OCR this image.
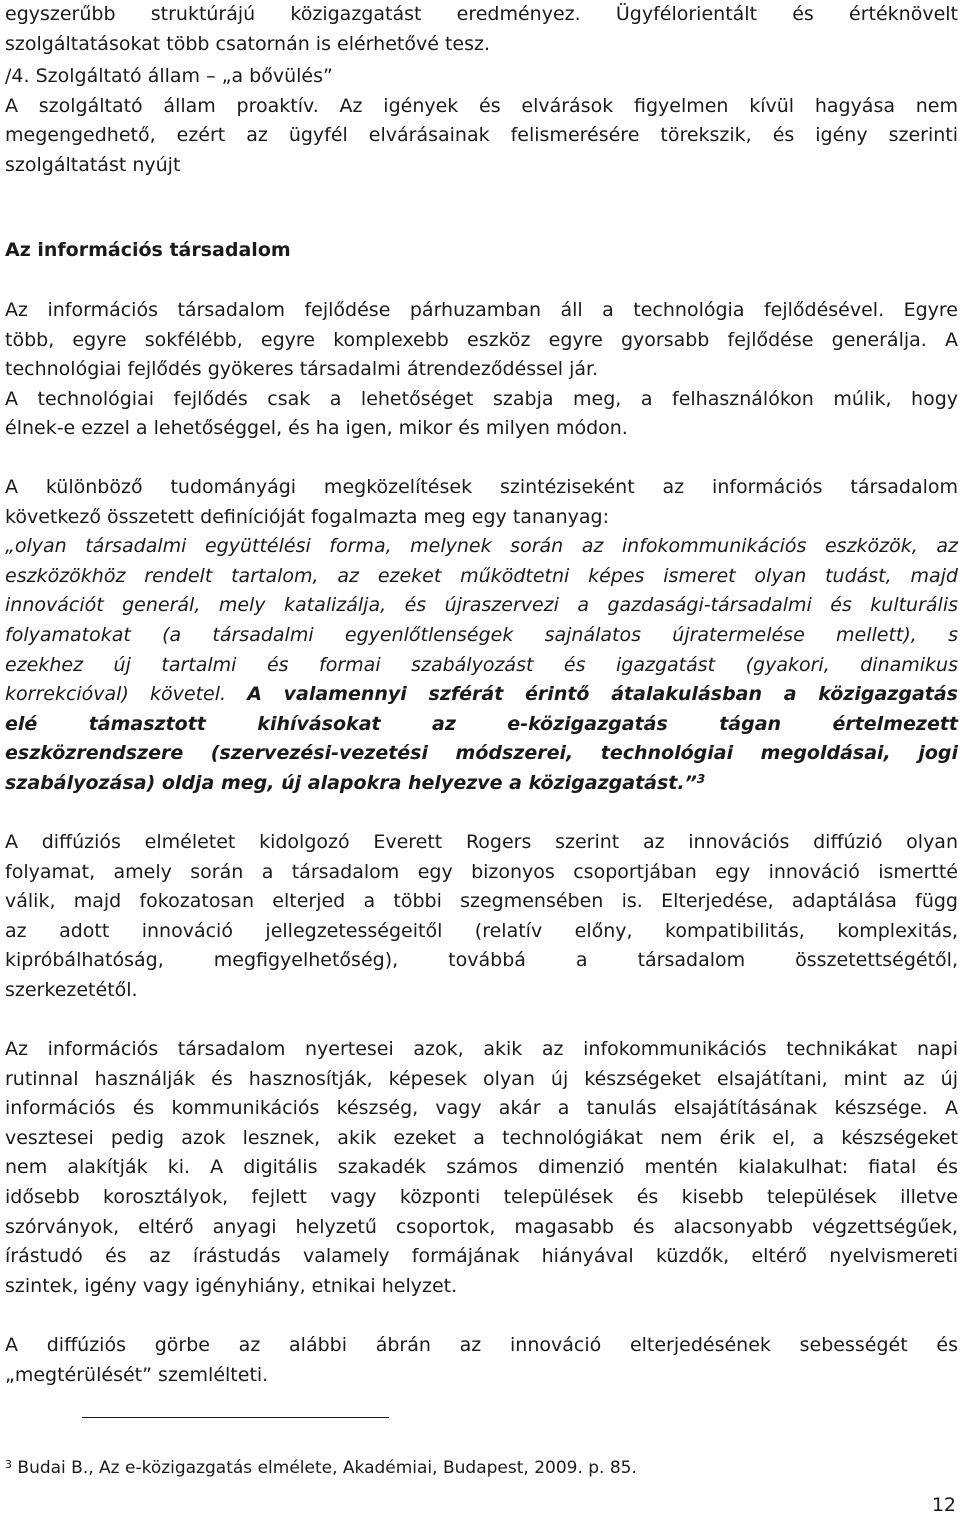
egyszerűbb struktúrájú közigazgatást eredményez. Ügyfélorientált és értéknövelt
szolgáltatásokat több csatornán is elérhetővé tesz.
/4. Szolgáltató állam – „a bővülés”
A szolgáltató állam proaktív. Az igények és elvárások figyelmen kívül hagyása nem
megengedhető, ezért az ügyfél elvárásainak felismerésére törekszik, és igény szerinti
szolgáltatást nyújt
Az információs társadalom
Az információs társadalom fejlődése párhuzamban áll a technológia fejlődésével. Egyre
több, egyre sokfélébb, egyre komplexebb eszköz egyre gyorsabb fejlődése generálja. A
technológiai fejlődés gyökeres társadalmi átrendeződéssel jár.
A technológiai fejlődés csak a lehetőséget szabja meg, a felhasználókon múlik, hogy
élnek-e ezzel a lehetőséggel, és ha igen, mikor és milyen módon.
A különböző tudományági megközelítések szintéziseként az információs társadalom
következő összetett definícióját fogalmazta meg egy tananyag:
„olyan társadalmi együttélési forma, melynek során az infokommunikációs eszközök, az
eszközökhöz rendelt tartalom, az ezeket működtetni képes ismeret olyan tudást, majd
innovációt generál, mely katalizálja, és újraszervezi a gazdasági-társadalmi és kulturális
folyamatokat (a társadalmi egyenlőtlenségek sajnálatos újratermelése mellett), s
ezekhez új tartalmi és formai szabályozást és igazgatást (gyakori, dinamikus
korrekcióval) követel. A valamennyi szférát érintő átalakulásban a közigazgatás
elé támasztott kihívásokat az e-közigazgatás tágan értelmezett
eszközrendszere (szervezési-vezetési módszerei, technológiai megoldásai, jogi
szabályozása) oldja meg, új alapokra helyezve a közigazgatást.”$^3$
A diffúziós elméletet kidolgozó Everett Rogers szerint az innovációs diffúzió olyan
folyamat, amely során a társadalom egy bizonyos csoportjában egy innováció ismertté
válik, majd fokozatosan elterjed a többi szegmensében is. Elterjedése, adaptálása függ
az adott innováció jellegzetességeitől (relatív előny, kompatibilitás, komplexitás,
kipróbálhatóság, megfigyelhetőség), továbbá a társadalom összetettségétől,
szerkezetétől.
Az információs társadalom nyertesei azok, akik az infokommunikációs technikákat napi
rutinnal használják és hasznosítják, képesek olyan új készségeket elsajátítani, mint az új
információs és kommunikációs készség, vagy akár a tanulás elsajátításának készsége. A
vesztesei pedig azok lesznek, akik ezeket a technológiákat nem érik el, a készségeket
nem alakítják ki. A digitális szakadék számos dimenzió mentén kialakulhat: fiatal és
idősebb korosztályok, fejlett vagy központi települések és kisebb települések illetve
szórványok, eltérő anyagi helyzetű csoportok, magasabb és alacsonyabb végzettségűek,
írástudó és az írástudás valamely formájának hiányával küzdők, eltérő nyelvismereti
szintek, igény vagy igényhiány, etnikai helyzet.
A diffúziós görbe az alábbi ábrán az innováció elterjedésének sebességét és
„megtérülését” szemlélteti.
$^3$ Budai B., Az e-közigazgatás elmélete, Akadémiai, Budapest, 2009. p. 85.
12
